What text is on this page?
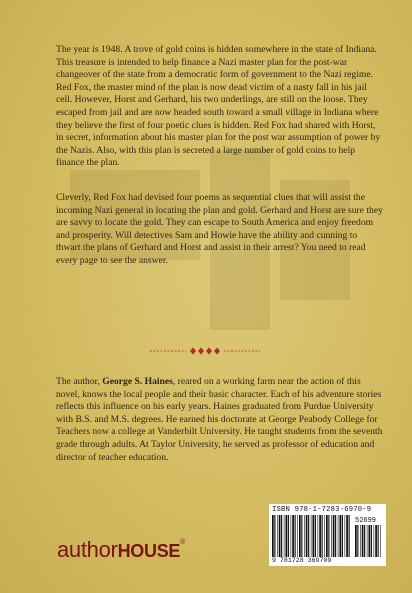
The year is 1948. A trove of gold coins is hidden somewhere in the state of Indiana. This treasure is intended to help finance a Nazi master plan for the post-war changeover of the state from a democratic form of government to the Nazi regime. Red Fox, the master mind of the plan is now dead victim of a nasty fall in his jail cell. However, Horst and Gerhard, his two underlings, are still on the loose. They escaped from jail and are now headed south toward a small village in Indiana where they believe the first of four poetic clues is hidden. Red Fox had shared with Horst, in secret, information about his master plan for the post war assumption of power by the Nazis. Also, with this plan is secreted a large number of gold coins to help finance the plan.

Cleverly, Red Fox had devised four poems as sequential clues that will assist the incoming Nazi general in locating the plan and gold. Gerhard and Horst are sure they are savvy to locate the gold. They can escape to South America and enjoy freedom and prosperity. Will detectives Sam and Howie have the ability and cunning to thwart the plans of Gerhard and Horst and assist in their arrest? You need to read every page to see the answer.

The author, George S. Haines, reared on a working farm near the action of this novel, knows the local people and their basic character. Each of his adventure stories reflects this influence on his early years. Haines graduated from Purdue University with B.S. and M.S. degrees. He earned his doctorate at George Peabody College for Teachers now a college at Vanderbilt University. He taught students from the seventh grade through adults. At Taylor University, he served as professor of education and director of teacher education.

authorHOUSE®
ISBN 978-1-7283-6970-9
52699
9 781728 369709
